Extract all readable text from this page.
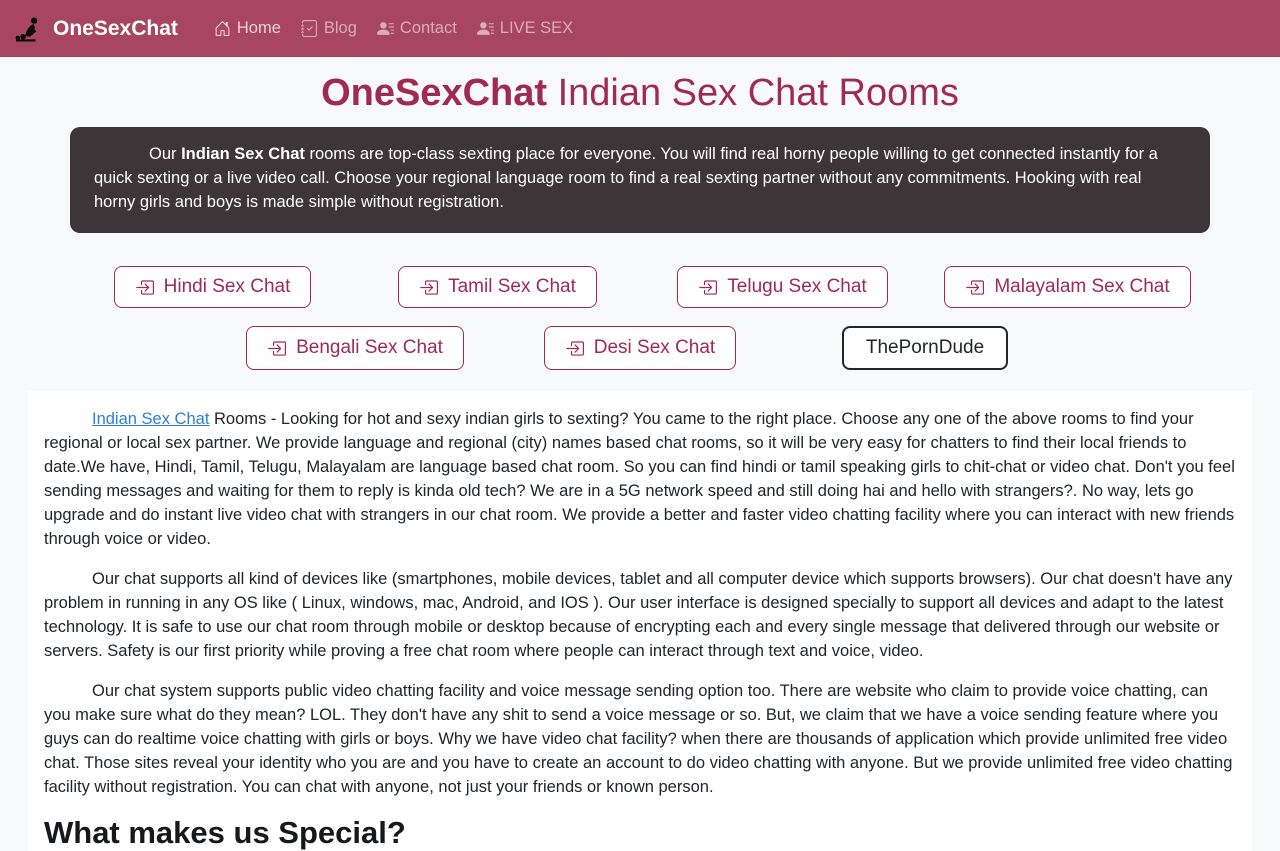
OneSexChat	Home	Blog	Contact	LIVE SEX
OneSexChat Indian Sex Chat Rooms

Our Indian Sex Chat rooms are top-class sexting place for everyone. You will find real horny people willing to get connected instantly for a quick sexting or a live video call. Choose your regional language room to find a real sexting partner without any commitments. Hooking with real horny girls and boys is made simple without registration.

Hindi Sex Chat	Tamil Sex Chat	Telugu Sex Chat	Malayalam Sex Chat
Bengali Sex Chat	Desi Sex Chat	ThePornDude

Indian Sex Chat Rooms - Looking for hot and sexy indian girls to sexting? You came to the right place. Choose any one of the above rooms to find your regional or local sex partner. We provide language and regional (city) names based chat rooms, so it will be very easy for chatters to find their local friends to date.We have, Hindi, Tamil, Telugu, Malayalam are language based chat room. So you can find hindi or tamil speaking girls to chit-chat or video chat. Don't you feel sending messages and waiting for them to reply is kinda old tech? We are in a 5G network speed and still doing hai and hello with strangers?. No way, lets go upgrade and do instant live video chat with strangers in our chat room. We provide a better and faster video chatting facility where you can interact with new friends through voice or video.

Our chat supports all kind of devices like (smartphones, mobile devices, tablet and all computer device which supports browsers). Our chat doesn't have any problem in running in any OS like ( Linux, windows, mac, Android, and IOS ). Our user interface is designed specially to support all devices and adapt to the latest technology. It is safe to use our chat room through mobile or desktop because of encrypting each and every single message that delivered through our website or servers. Safety is our first priority while proving a free chat room where people can interact through text and voice, video.

Our chat system supports public video chatting facility and voice message sending option too. There are website who claim to provide voice chatting, can you make sure what do they mean? LOL. They don't have any shit to send a voice message or so. But, we claim that we have a voice sending feature where you guys can do realtime voice chatting with girls or boys. Why we have video chat facility? when there are thousands of application which provide unlimited free video chat. Those sites reveal your identity who you are and you have to create an account to do video chatting with anyone. But we provide unlimited free video chatting facility without registration. You can chat with anyone, not just your friends or known person.

What makes us Special?
